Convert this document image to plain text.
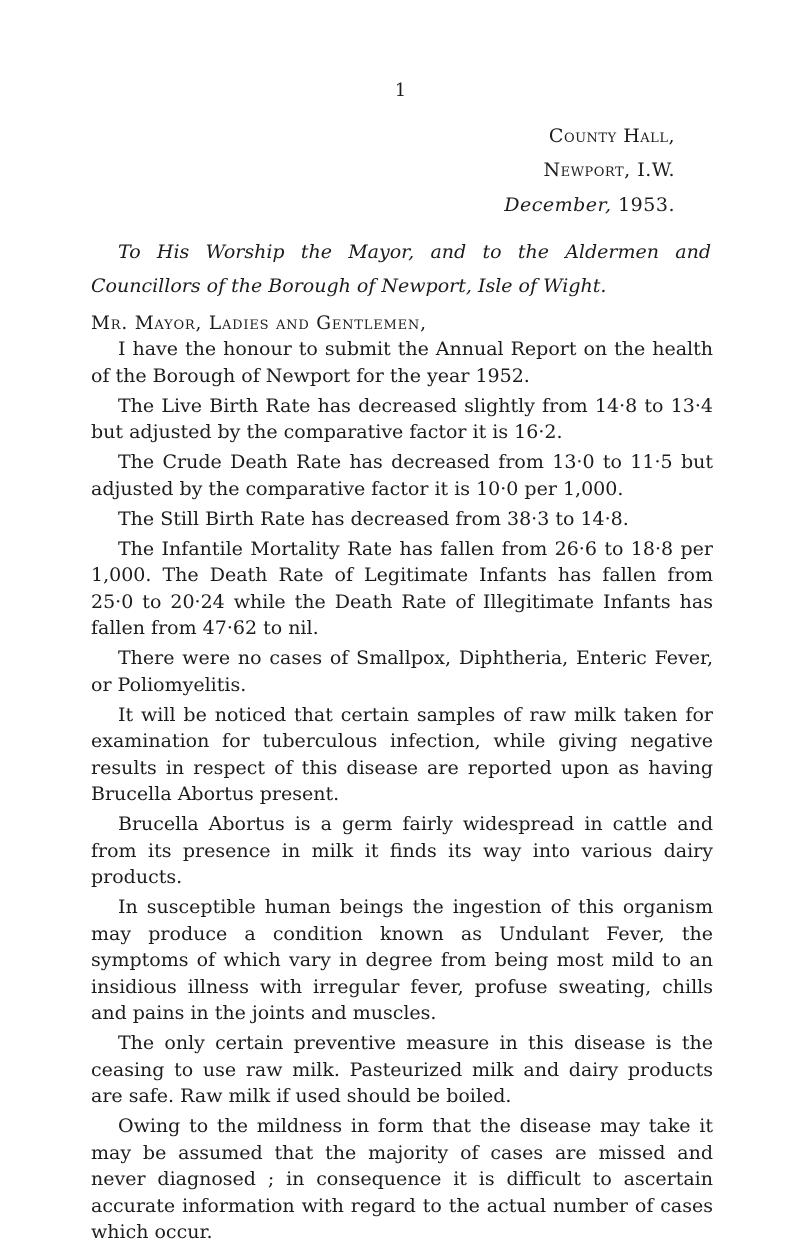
1
County Hall,
Newport, I.W.
December, 1953.
To His Worship the Mayor, and to the Aldermen and Councillors of the Borough of Newport, Isle of Wight.
Mr. Mayor, Ladies and Gentlemen,

I have the honour to submit the Annual Report on the health of the Borough of Newport for the year 1952.

The Live Birth Rate has decreased slightly from 14·8 to 13·4 but adjusted by the comparative factor it is 16·2.

The Crude Death Rate has decreased from 13·0 to 11·5 but adjusted by the comparative factor it is 10·0 per 1,000.

The Still Birth Rate has decreased from 38·3 to 14·8.

The Infantile Mortality Rate has fallen from 26·6 to 18·8 per 1,000. The Death Rate of Legitimate Infants has fallen from 25·0 to 20·24 while the Death Rate of Illegitimate Infants has fallen from 47·62 to nil.

There were no cases of Smallpox, Diphtheria, Enteric Fever, or Poliomyelitis.

It will be noticed that certain samples of raw milk taken for examination for tuberculous infection, while giving negative results in respect of this disease are reported upon as having Brucella Abortus present.

Brucella Abortus is a germ fairly widespread in cattle and from its presence in milk it finds its way into various dairy products.

In susceptible human beings the ingestion of this organism may produce a condition known as Undulant Fever, the symptoms of which vary in degree from being most mild to an insidious illness with irregular fever, profuse sweating, chills and pains in the joints and muscles.

The only certain preventive measure in this disease is the ceasing to use raw milk. Pasteurized milk and dairy products are safe. Raw milk if used should be boiled.

Owing to the mildness in form that the disease may take it may be assumed that the majority of cases are missed and never diagnosed ; in consequence it is difficult to ascertain accurate information with regard to the actual number of cases which occur.
